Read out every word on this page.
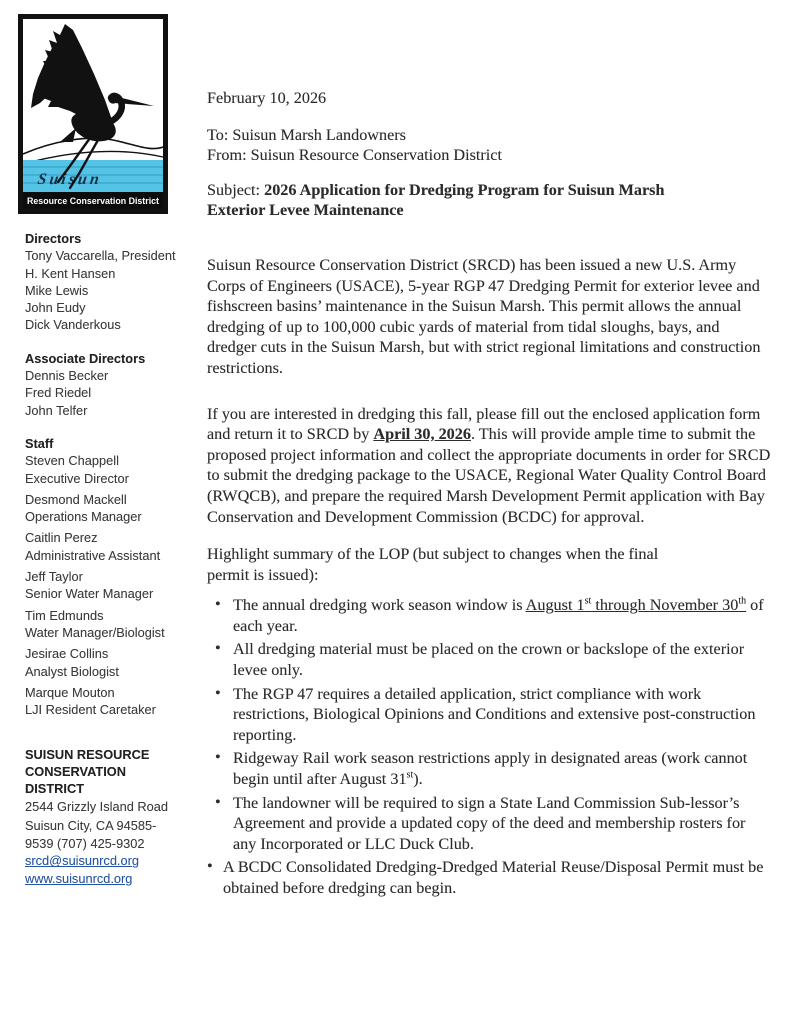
Suisun
Resource Conservation District
Directors
Tony Vaccarella, President
H. Kent Hansen
Mike Lewis
John Eudy
Dick Vanderkous
Associate Directors
Dennis Becker
Fred Riedel
John Telfer
Staff
Steven Chappell
Executive Director
Desmond Mackell
Operations Manager
Caitlin Perez
Administrative Assistant
Jeff Taylor
Senior Water Manager
Tim Edmunds
Water Manager/Biologist
Jesirae Collins
Analyst Biologist
Marque Mouton
LJI Resident Caretaker
SUISUN RESOURCE
CONSERVATION
DISTRICT
2544 Grizzly Island Road
Suisun City, CA 94585-
9539 (707) 425-9302
srcd@suisunrcd.org
www.suisunrcd.org

February 10, 2026

To: Suisun Marsh Landowners

From: Suisun Resource Conservation District

Subject: 2026 Application for Dredging Program for Suisun Marsh Exterior Levee Maintenance

Suisun Resource Conservation District (SRCD) has been issued a new U.S. Army Corps of Engineers (USACE), 5-year RGP 47 Dredging Permit for exterior levee and fishscreen basins’ maintenance in the Suisun Marsh. This permit allows the annual dredging of up to 100,000 cubic yards of material from tidal sloughs, bays, and dredger cuts in the Suisun Marsh, but with strict regional limitations and construction restrictions.

If you are interested in dredging this fall, please fill out the enclosed application form and return it to SRCD by April 30, 2026. This will provide ample time to submit the proposed project information and collect the appropriate documents in order for SRCD to submit the dredging package to the USACE, Regional Water Quality Control Board (RWQCB), and prepare the required Marsh Development Permit application with Bay Conservation and Development Commission (BCDC) for approval.

Highlight summary of the LOP (but subject to changes when the final permit is issued):

• The annual dredging work season window is August 1st through November 30th of each year.
• All dredging material must be placed on the crown or backslope of the exterior levee only.
• The RGP 47 requires a detailed application, strict compliance with work restrictions, Biological Opinions and Conditions and extensive post-construction reporting.
• Ridgeway Rail work season restrictions apply in designated areas (work cannot begin until after August 31st).
• The landowner will be required to sign a State Land Commission Sub-lessor’s Agreement and provide a updated copy of the deed and membership rosters for any Incorporated or LLC Duck Club.
• A BCDC Consolidated Dredging-Dredged Material Reuse/Disposal Permit must be obtained before dredging can begin.
